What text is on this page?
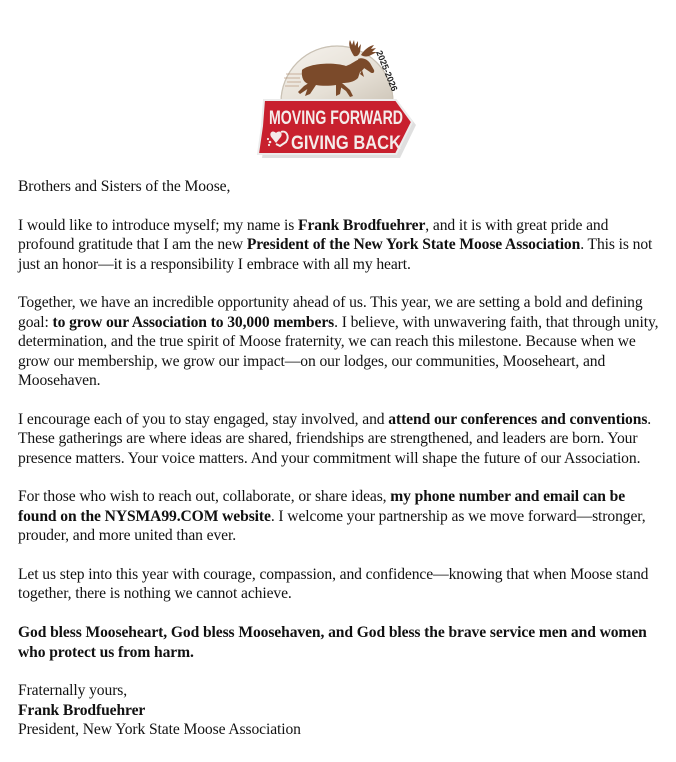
2025-2026
MOVING FORWARD
GIVING BACK

Brothers and Sisters of the Moose,

I would like to introduce myself; my name is Frank Brodfuehrer, and it is with great pride and profound gratitude that I am the new President of the New York State Moose Association. This is not just an honor—it is a responsibility I embrace with all my heart.

Together, we have an incredible opportunity ahead of us. This year, we are setting a bold and defining goal: to grow our Association to 30,000 members. I believe, with unwavering faith, that through unity, determination, and the true spirit of Moose fraternity, we can reach this milestone. Because when we grow our membership, we grow our impact—on our lodges, our communities, Mooseheart, and Moosehaven.

I encourage each of you to stay engaged, stay involved, and attend our conferences and conventions. These gatherings are where ideas are shared, friendships are strengthened, and leaders are born. Your presence matters. Your voice matters. And your commitment will shape the future of our Association.

For those who wish to reach out, collaborate, or share ideas, my phone number and email can be found on the NYSMA99.COM website. I welcome your partnership as we move forward—stronger, prouder, and more united than ever.

Let us step into this year with courage, compassion, and confidence—knowing that when Moose stand together, there is nothing we cannot achieve.

God bless Mooseheart, God bless Moosehaven, and God bless the brave service men and women who protect us from harm.

Fraternally yours,
Frank Brodfuehrer
President, New York State Moose Association
